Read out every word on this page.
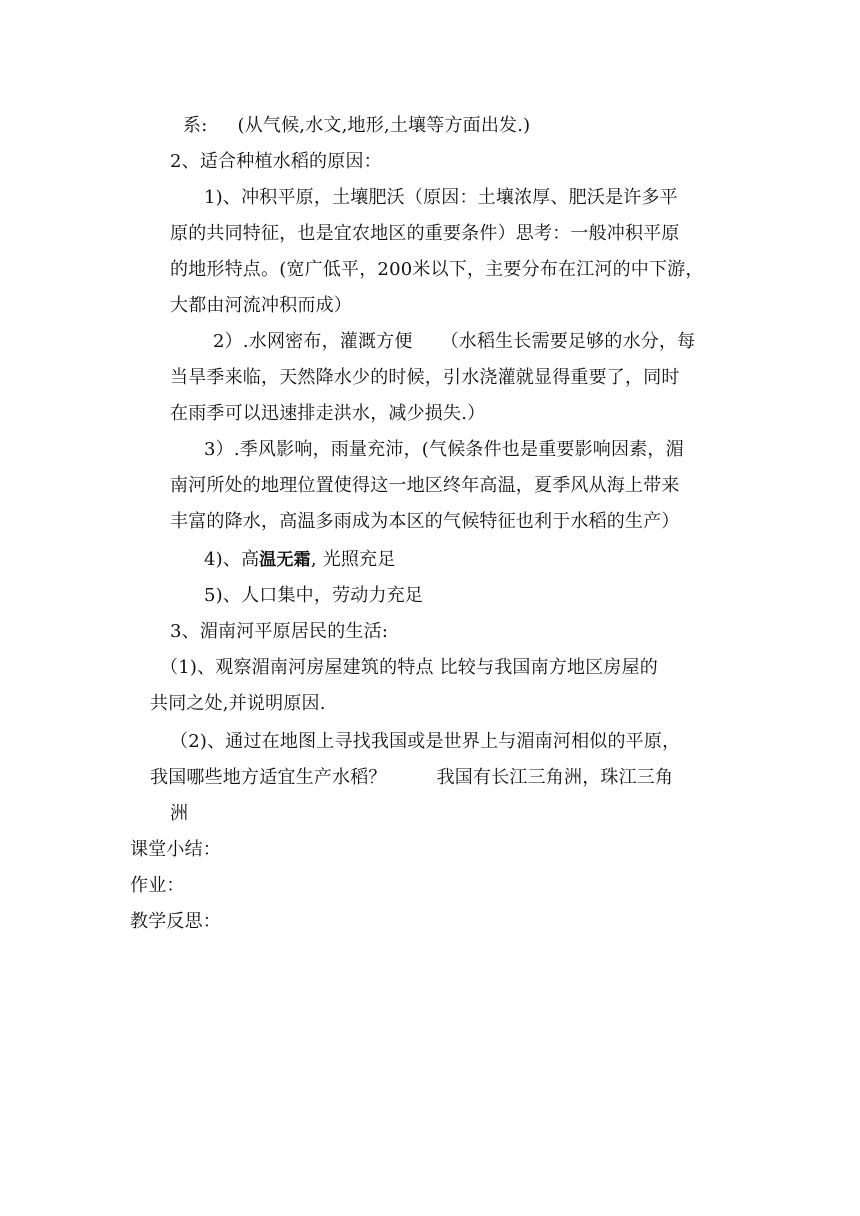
系: (从气候,水文,地形,土壤等方面出发.)
2、适合种植水稻的原因：
1)、冲积平原，土壤肥沃（原因：土壤浓厚、肥沃是许多平
原的共同特征，也是宜农地区的重要条件）思考：一般冲积平原
的地形特点。(宽广低平，200米以下，主要分布在江河的中下游，
大都由河流冲积而成）
2）.水网密布，灌溉方便 （水稻生长需要足够的水分，每
当旱季来临，天然降水少的时候，引水浇灌就显得重要了，同时
在雨季可以迅速排走洪水，减少损失.）
3）.季风影响，雨量充沛，(气候条件也是重要影响因素，湄
南河所处的地理位置使得这一地区终年高温，夏季风从海上带来
丰富的降水，高温多雨成为本区的气候特征也利于水稻的生产）
4)、高温无霜, 光照充足
5)、人口集中，劳动力充足
3、湄南河平原居民的生活:
（1)、观察湄南河房屋建筑的特点 比较与我国南方地区房屋的
共同之处,并说明原因.
（2)、通过在地图上寻找我国或是世界上与湄南河相似的平原，
我国哪些地方适宜生产水稻？	我国有长江三角洲，珠江三角
洲
课堂小结：
作业：
教学反思：
